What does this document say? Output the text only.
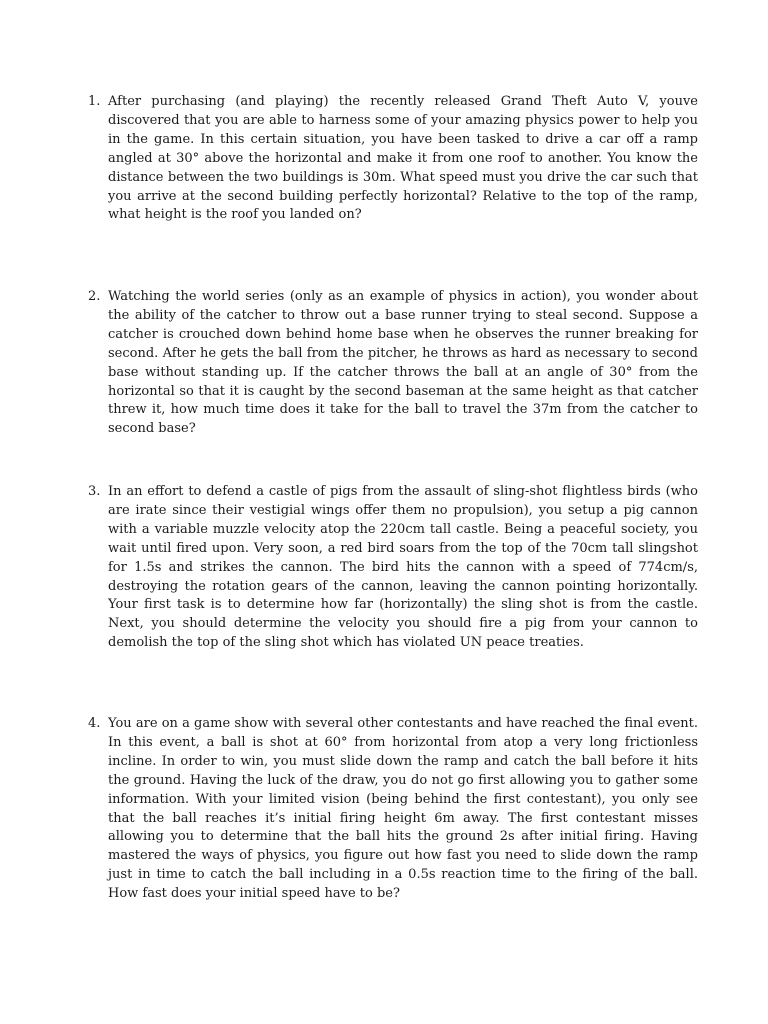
1. After purchasing (and playing) the recently released Grand Theft Auto V, youve discovered that you are able to harness some of your amazing physics power to help you in the game. In this certain situation, you have been tasked to drive a car off a ramp angled at 30° above the horizontal and make it from one roof to another. You know the distance between the two buildings is 30m. What speed must you drive the car such that you arrive at the second building perfectly horizontal? Relative to the top of the ramp, what height is the roof you landed on?
2. Watching the world series (only as an example of physics in action), you wonder about the ability of the catcher to throw out a base runner trying to steal second. Suppose a catcher is crouched down behind home base when he observes the runner breaking for second. After he gets the ball from the pitcher, he throws as hard as necessary to second base without standing up. If the catcher throws the ball at an angle of 30° from the horizontal so that it is caught by the second baseman at the same height as that catcher threw it, how much time does it take for the ball to travel the 37m from the catcher to second base?
3. In an effort to defend a castle of pigs from the assault of sling-shot flightless birds (who are irate since their vestigial wings offer them no propulsion), you setup a pig cannon with a variable muzzle velocity atop the 220cm tall castle. Being a peaceful society, you wait until fired upon. Very soon, a red bird soars from the top of the 70cm tall slingshot for 1.5s and strikes the cannon. The bird hits the cannon with a speed of 774cm/s, destroying the rotation gears of the cannon, leaving the cannon pointing horizontally. Your first task is to determine how far (horizontally) the sling shot is from the castle. Next, you should determine the velocity you should fire a pig from your cannon to demolish the top of the sling shot which has violated UN peace treaties.
4. You are on a game show with several other contestants and have reached the final event. In this event, a ball is shot at 60° from horizontal from atop a very long frictionless incline. In order to win, you must slide down the ramp and catch the ball before it hits the ground. Having the luck of the draw, you do not go first allowing you to gather some information. With your limited vision (being behind the first contestant), you only see that the ball reaches it’s initial firing height 6m away. The first contestant misses allowing you to determine that the ball hits the ground 2s after initial firing. Having mastered the ways of physics, you figure out how fast you need to slide down the ramp just in time to catch the ball including in a 0.5s reaction time to the firing of the ball. How fast does your initial speed have to be?
